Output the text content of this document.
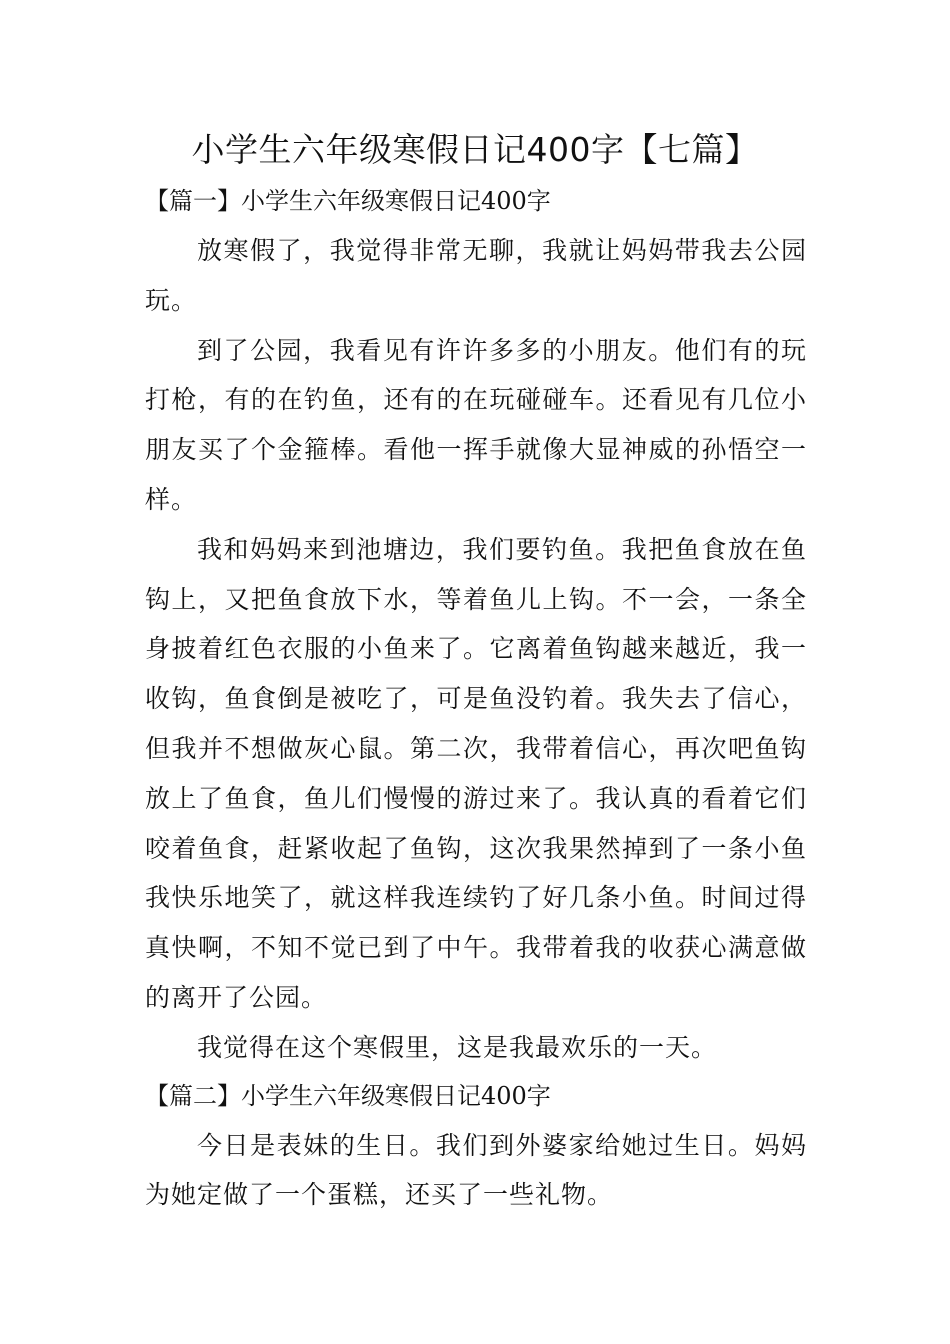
小学生六年级寒假日记400字【七篇】
【篇一】小学生六年级寒假日记400字

放寒假了，我觉得非常无聊，我就让妈妈带我去公园玩。

到了公园，我看见有许许多多的小朋友。他们有的玩打枪，有的在钓鱼，还有的在玩碰碰车。还看见有几位小朋友买了个金箍棒。看他一挥手就像大显神威的孙悟空一样。

我和妈妈来到池塘边，我们要钓鱼。我把鱼食放在鱼钩上，又把鱼食放下水，等着鱼儿上钩。不一会，一条全身披着红色衣服的小鱼来了。它离着鱼钩越来越近，我一收钩，鱼食倒是被吃了，可是鱼没钓着。我失去了信心，但我并不想做灰心鼠。第二次，我带着信心，再次吧鱼钩放上了鱼食，鱼儿们慢慢的游过来了。我认真的看着它们咬着鱼食，赶紧收起了鱼钩，这次我果然掉到了一条小鱼我快乐地笑了，就这样我连续钓了好几条小鱼。时间过得真快啊，不知不觉已到了中午。我带着我的收获心满意做的离开了公园。

我觉得在这个寒假里，这是我最欢乐的一天。

【篇二】小学生六年级寒假日记400字

今日是表妹的生日。我们到外婆家给她过生日。妈妈为她定做了一个蛋糕，还买了一些礼物。
